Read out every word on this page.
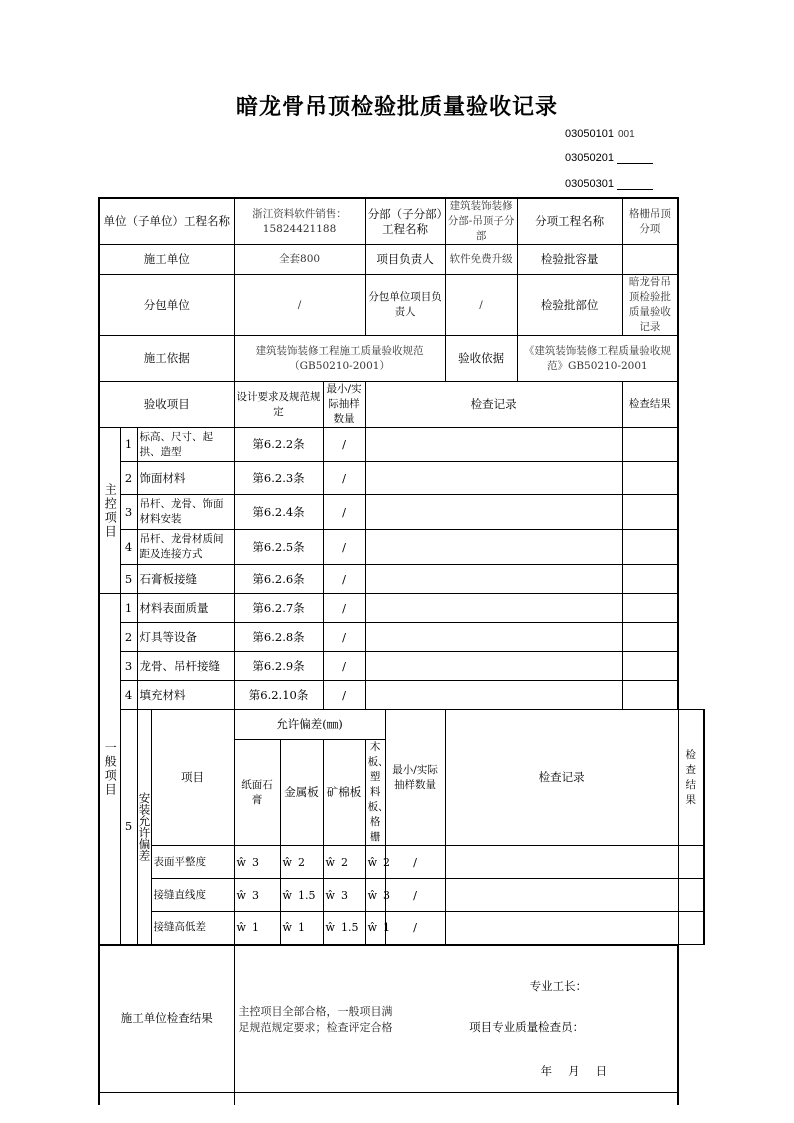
暗龙骨吊顶检验批质量验收记录
03050101 001
03050201
03050301
单位（子单位）工程名称				浙江资料软件销售：15824421188			分部（子分部）工程名称		建筑装饰装修分部-吊顶子分部	分项工程名称	格栅吊顶分项	
施工单位				全套800			项目负责人		软件免费升级	检验批容量		
分包单位				/			分包单位项目负责人		/	检验批部位	暗龙骨吊顶检验批质量验收记录	
施工依据				建筑装饰装修工程施工质量验收规范（GB50210-2001）					验收依据	《建筑装饰装修工程质量验收规范》GB50210-2001		
验收项目				设计要求及规范规定		最小/实际抽样数量	检查记录				检查结果	
主控项目	1	标高、尺寸、起拱、造型		第6.2.2条		/						
	2	饰面材料		第6.2.3条		/						
	3	吊杆、龙骨、饰面材料安装		第6.2.4条		/						
	4	吊杆、龙骨材质间距及连接方式		第6.2.5条		/						
	5	石膏板接缝		第6.2.6条		/						
一般项目	1	材料表面质量		第6.2.7条		/						
	2	灯具等设备		第6.2.8条		/						
	3	龙骨、吊杆接缝		第6.2.9条		/						
	4	填充材料		第6.2.10条		/						
	5	安装允许偏差	项目	允许偏差(㎜)				最小/实际抽样数量	检查记录			检查结果
				纸面石膏	金属板	矿棉板	木板、塑料板、格栅					

			表面平整度	ŵ 3	ŵ 2	ŵ 2	ŵ 2	/				
			接缝直线度	ŵ 3	ŵ 1.5	ŵ 3	ŵ 3	/				
			接缝高低差	ŵ 1	ŵ 1	ŵ 1.5	ŵ 1	/				
施工单位检查结果				专业工长：
主控项目全部合格，一般项目满
足规范规定要求；检查评定合格 项目专业质量检查员：
年 月 日								
